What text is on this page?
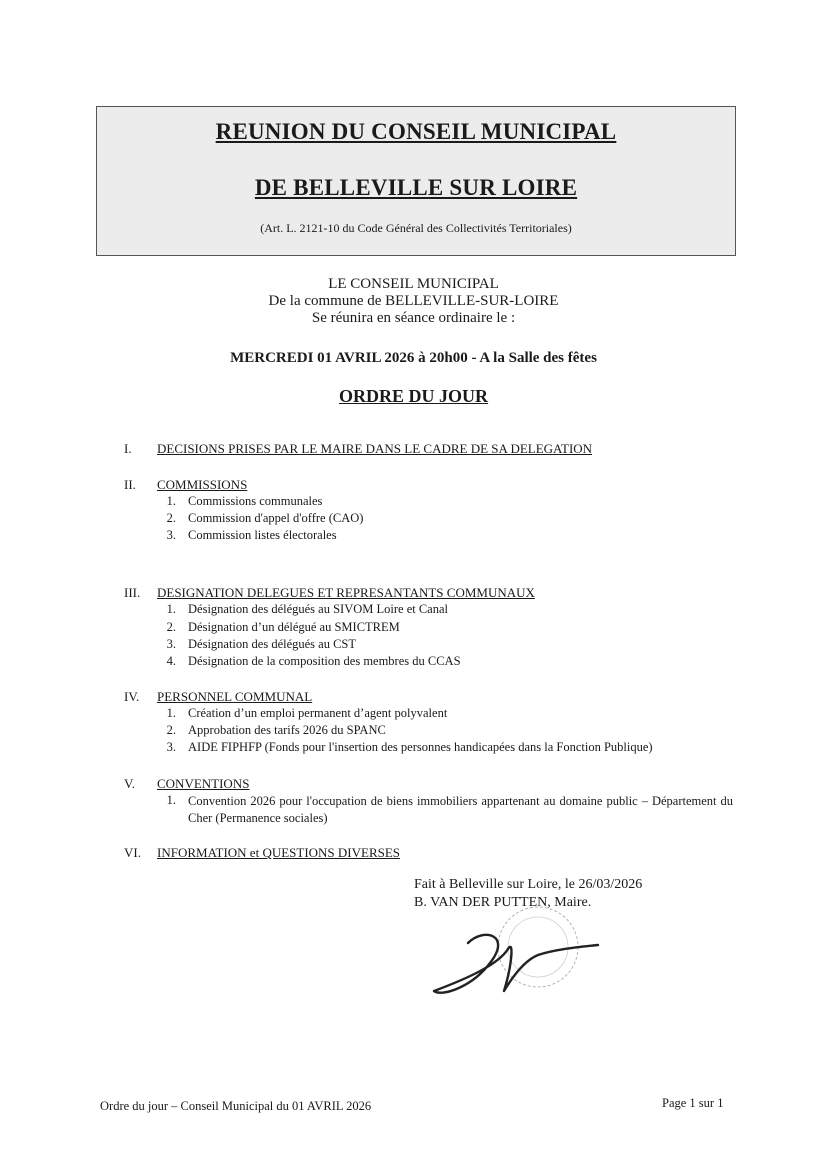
REUNION DU CONSEIL MUNICIPAL
DE BELLEVILLE SUR LOIRE
(Art. L. 2121-10 du Code Général des Collectivités Territoriales)
LE CONSEIL MUNICIPAL
De la commune de BELLEVILLE-SUR-LOIRE
Se réunira en séance ordinaire le :
MERCREDI 01 AVRIL 2026 à 20h00 - A la Salle des fêtes
ORDRE DU JOUR
I. DECISIONS PRISES PAR LE MAIRE DANS LE CADRE DE SA DELEGATION
II. COMMISSIONS
1. Commissions communales
2. Commission d'appel d'offre (CAO)
3. Commission listes électorales
III. DESIGNATION DELEGUES ET REPRESANTANTS COMMUNAUX
1. Désignation des délégués au SIVOM Loire et Canal
2. Désignation d’un délégué au SMICTREM
3. Désignation des délégués au CST
4. Désignation de la composition des membres du CCAS
IV. PERSONNEL COMMUNAL
1. Création d’un emploi permanent d’agent polyvalent
2. Approbation des tarifs 2026 du SPANC
3. AIDE FIPHFP (Fonds pour l'insertion des personnes handicapées dans la Fonction Publique)
V. CONVENTIONS
1. Convention 2026 pour l'occupation de biens immobiliers appartenant au domaine public – Département du Cher (Permanence sociales)
VI. INFORMATION et QUESTIONS DIVERSES
Fait à Belleville sur Loire, le 26/03/2026
B. VAN DER PUTTEN, Maire.
Ordre du jour – Conseil Municipal du 01 AVRIL 2026	Page 1 sur 1
